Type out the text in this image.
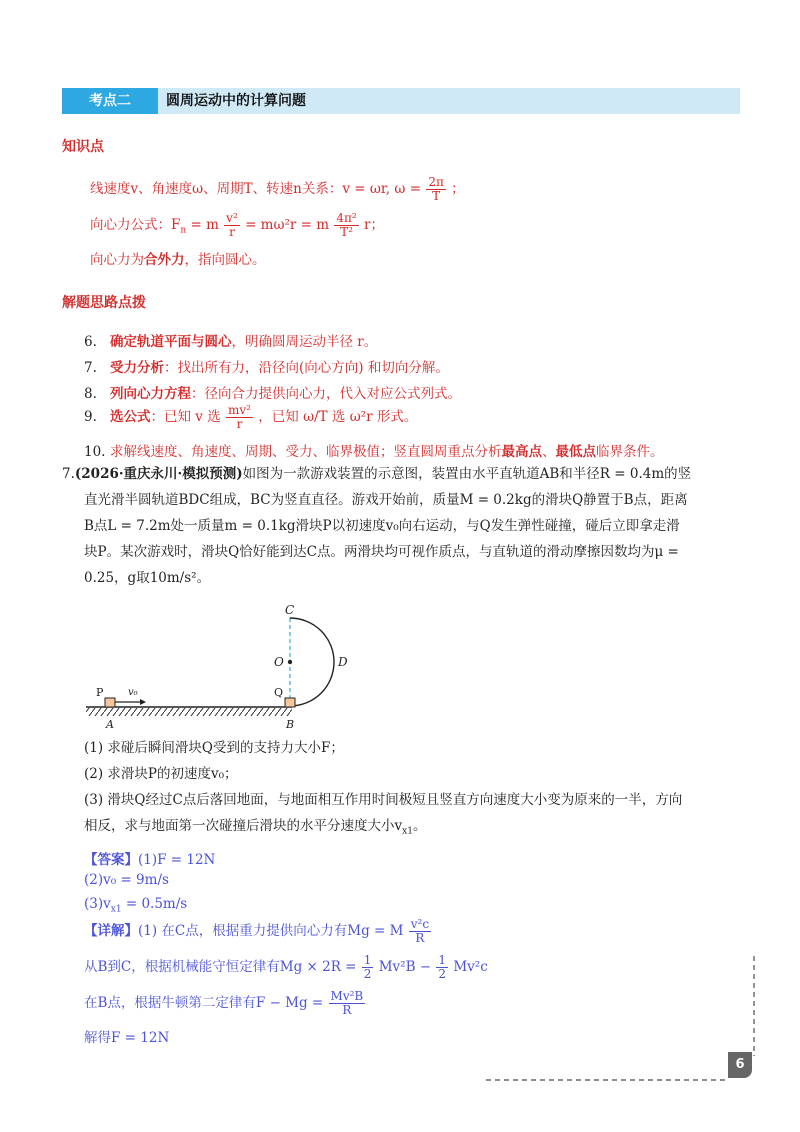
考点二	圆周运动中的计算问题
知识点
线速度v、角速度ω、周期T、转速n关系：v = ωr, $\omega = \frac{2\pi}{T}$ ；
向心力公式：$F_n = m \frac{\text{v²}}{r} = m\omega^2r = m \frac{\text{4π²}}{\text{T²}}$ r；
向心力为合外力，指向圆心。
解题思路点拨
6. 确定轨道平面与圆心，明确圆周运动半径 r。
7. 受力分析：找出所有力，沿径向(向心方向) 和切向分解。
8. 列向心力方程：径向合力提供向心力，代入对应公式列式。
9. 选公式：已知 v 选 $\frac{\text{mv²}}{r}$ ，已知 ω/T 选 ω²r 形式。
10. 求解线速度、角速度、周期、受力、临界极值；竖直圆周重点分析最高点、最低点临界条件。
7.(2026·重庆永川·模拟预测)如图为一款游戏装置的示意图，装置由水平直轨道AB和半径R = 0.4m的竖
直光滑半圆轨道BDC组成，BC为竖直直径。游戏开始前，质量M = 0.2kg的滑块Q静置于B点，距离
B点L = 7.2m处一质量m = 0.1kg滑块P以初速度v₀向右运动，与Q发生弹性碰撞，碰后立即拿走滑
块P。某次游戏时，滑块Q恰好能到达C点。两滑块均可视作质点，与直轨道的滑动摩擦因数均为μ =
0.25，g取10m/s²。
C
O	D
P	Q
v₀
A	B
(1) 求碰后瞬间滑块Q受到的支持力大小F；
(2) 求滑块P的初速度v₀；
(3) 滑块Q经过C点后落回地面，与地面相互作用时间极短且竖直方向速度大小变为原来的一半，方向
相反，求与地面第一次碰撞后滑块的水平分速度大小$v_{x1}$。
【答案】(1)F = 12N
(2)v₀ = 9m/s
$(3)v_{x1} = 0.5m/s$
【详解】(1) 在C点，根据重力提供向心力有Mg = M $\frac{\text{v²c}}{R}$
从B到C，根据机械能守恒定律有$Mg \times 2R = \frac{1}{2} Mv^2B - \frac{1}{2} Mv^2c$
在B点，根据牛顿第二定律有$F - Mg = \frac{\text{Mv²B}}{R}$
解得F = 12N
6
